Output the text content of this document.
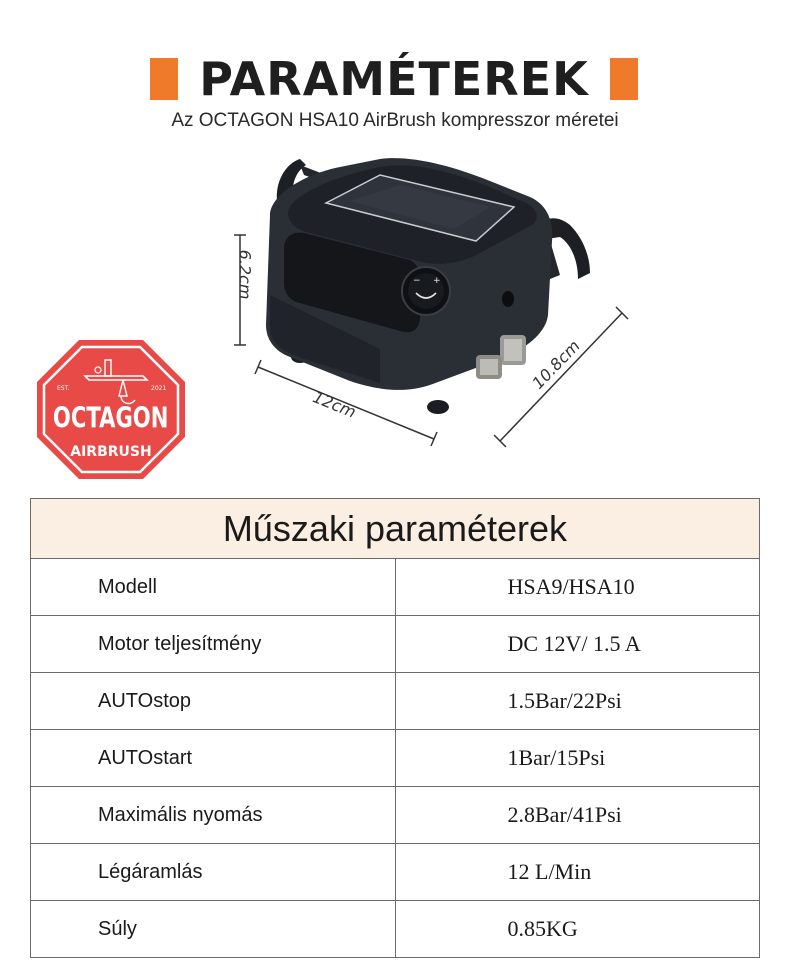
PARAMÉTEREK
Az OCTAGON HSA10 AirBrush kompresszor méretei
− +
6.2cm
12cm
10.8cm
EST.	2021
OCTAGON
AIRBRUSH
Műszaki paraméterek	
Modell	HSA9/HSA10
Motor teljesítmény	DC 12V/ 1.5 A
AUTOstop	1.5Bar/22Psi
AUTOstart	1Bar/15Psi
Maximális nyomás	2.8Bar/41Psi
Légáramlás	12 L/Min
Súly	0.85KG
